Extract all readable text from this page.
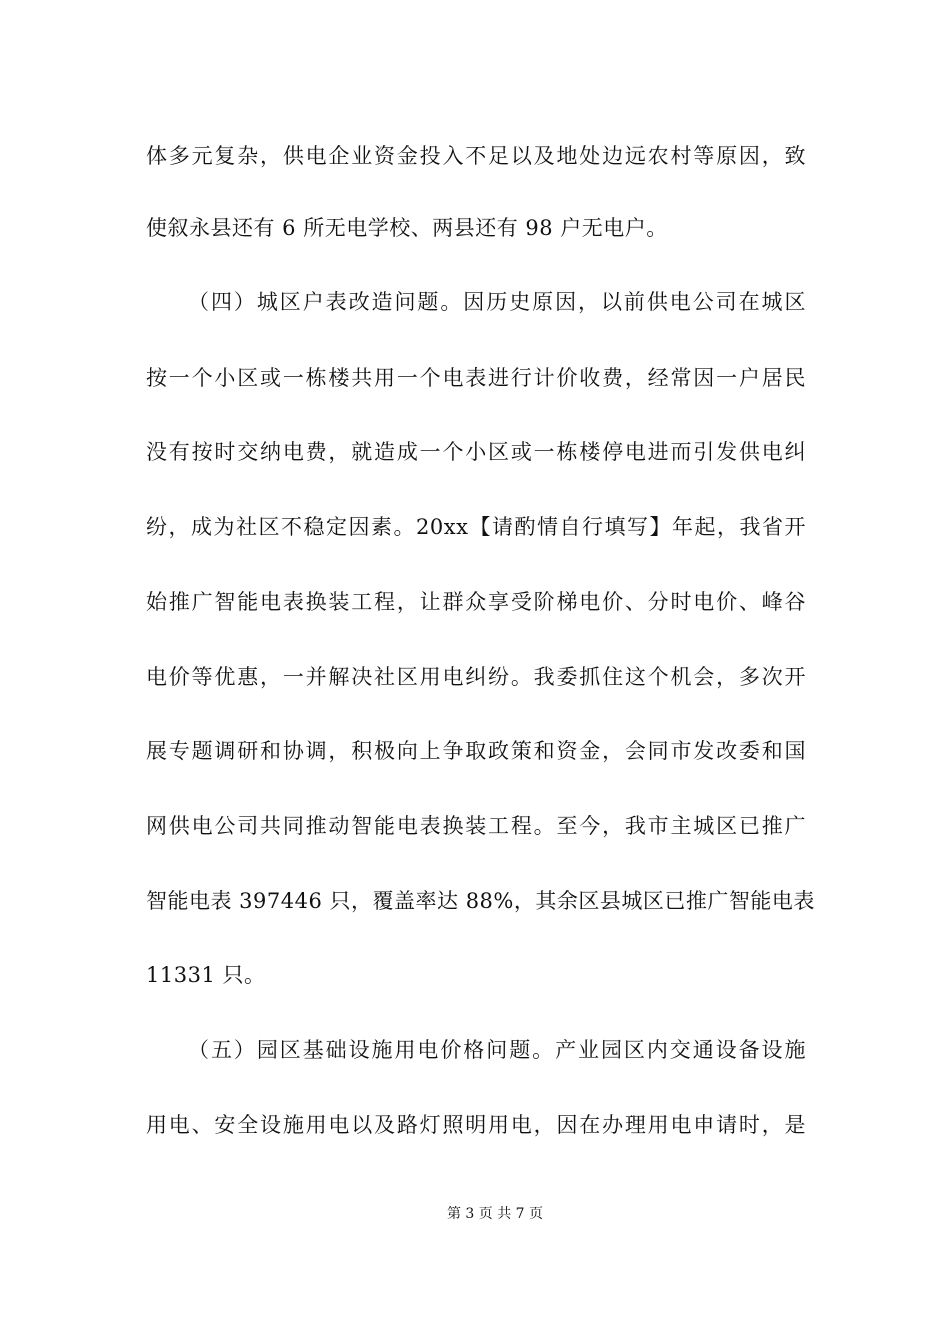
体多元复杂，供电企业资金投入不足以及地处边远农村等原因，致
使叙永县还有 6 所无电学校、两县还有 98 户无电户。
（四）城区户表改造问题。因历史原因，以前供电公司在城区
按一个小区或一栋楼共用一个电表进行计价收费，经常因一户居民
没有按时交纳电费，就造成一个小区或一栋楼停电进而引发供电纠
纷，成为社区不稳定因素。20xx【请酌情自行填写】年起，我省开
始推广智能电表换装工程，让群众享受阶梯电价、分时电价、峰谷
电价等优惠，一并解决社区用电纠纷。我委抓住这个机会，多次开
展专题调研和协调，积极向上争取政策和资金，会同市发改委和国
网供电公司共同推动智能电表换装工程。至今，我市主城区已推广
智能电表 397446 只，覆盖率达 88%，其余区县城区已推广智能电表
11331 只。
（五）园区基础设施用电价格问题。产业园区内交通设备设施
用电、安全设施用电以及路灯照明用电，因在办理用电申请时，是
第 3 页 共 7 页
